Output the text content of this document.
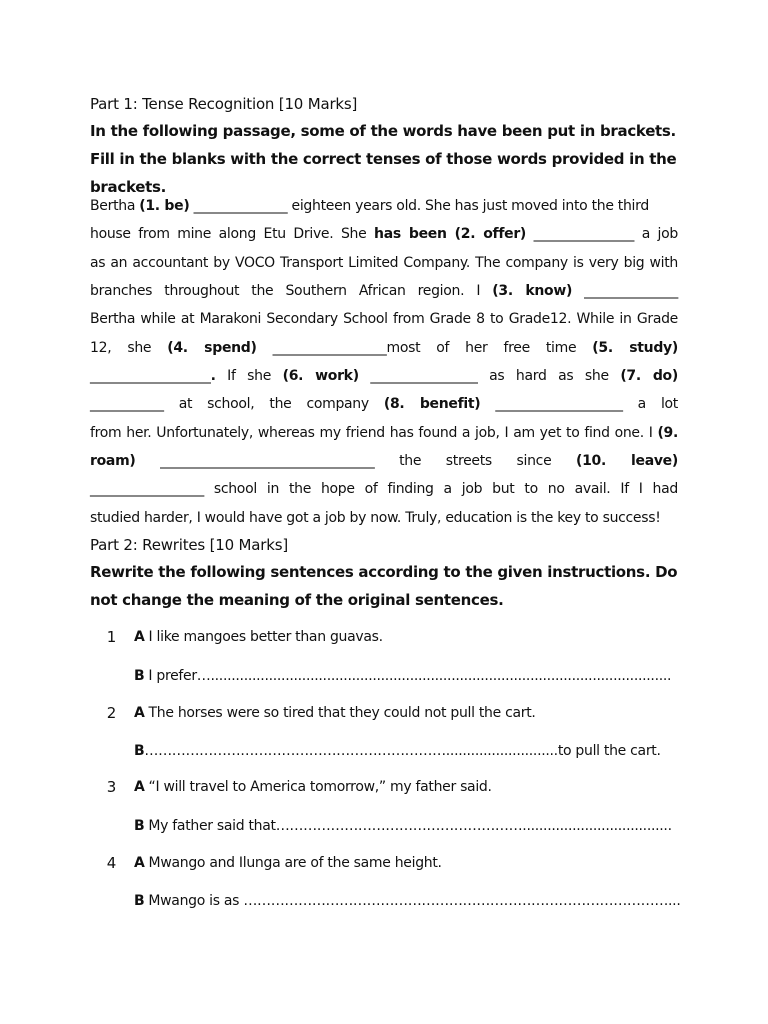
Part 1: Tense Recognition [10 Marks]
In the following passage, some of the words have been put in brackets. Fill in the blanks with the correct tenses of those words provided in the brackets.
Bertha (1. be) ______________ eighteen years old. She has just moved into the third
house from mine along Etu Drive. She has been (2. offer) _______________ a job
as an accountant by VOCO Transport Limited Company. The company is very big with
branches throughout the Southern African region. I (3. know) ______________
Bertha while at Marakoni Secondary School from Grade 8 to Grade12. While in Grade
12, she (4. spend) _________________most of her free time (5. study)
__________________. If she (6. work) ________________ as hard as she (7. do)
___________ at school, the company (8. benefit) ___________________ a lot
from her. Unfortunately, whereas my friend has found a job, I am yet to find one. I (9.
roam) ________________________________ the streets since (10. leave)
_________________ school in the hope of finding a job but to no avail. If I had
studied harder, I would have got a job by now. Truly, education is the key to success!
Part 2: Rewrites [10 Marks]
Rewrite the following sentences according to the given instructions. Do not change the meaning of the original sentences.
1 A I like mangoes better than guavas.
B I prefer…...............................................................................................................
2 A The horses were so tired that they could not pull the cart.
B…………………………………………………………...........................to pull the cart.
3 A “I will travel to America tomorrow,” my father said.
B My father said that………………………………………………....................................
4 A Mwango and Ilunga are of the same height.
B Mwango is as …………………………………………………………………………………...
